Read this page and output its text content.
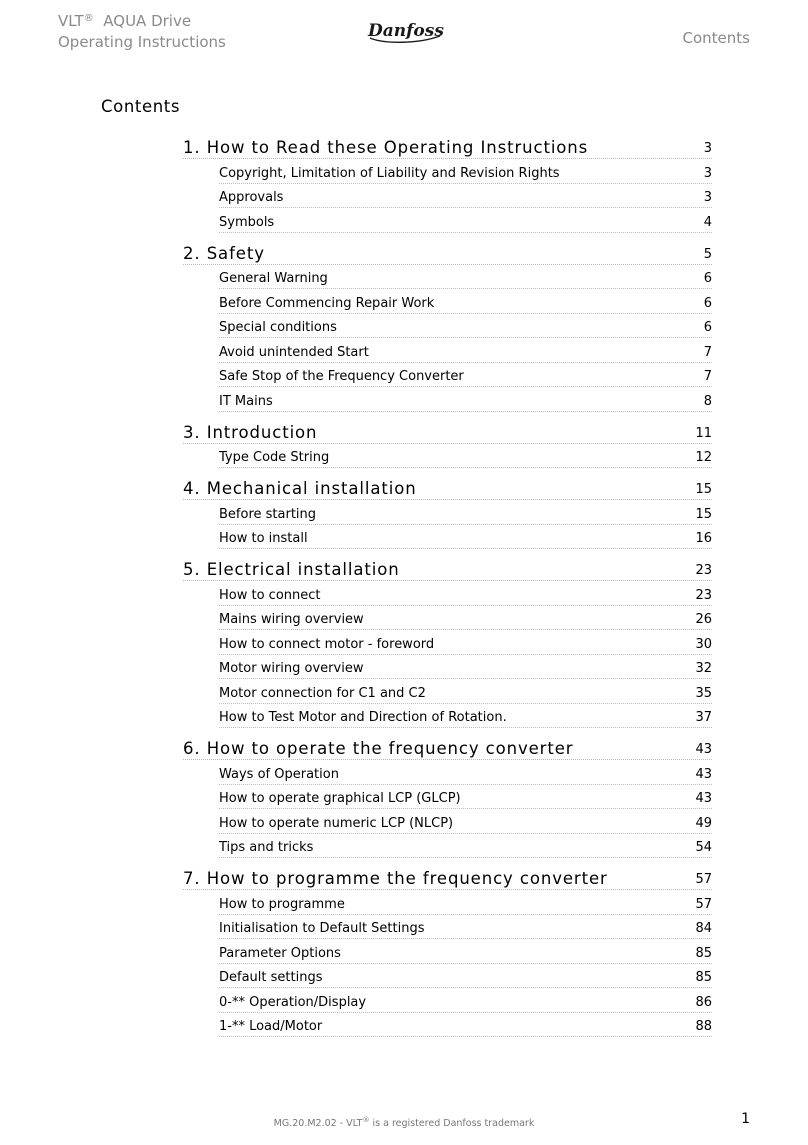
VLT® AQUA Drive
Operating Instructions
Danfoss	Contents
Contents
1. How to Read these Operating Instructions	3
Copyright, Limitation of Liability and Revision Rights	3
Approvals	3
Symbols	4
2. Safety	5
General Warning	6
Before Commencing Repair Work	6
Special conditions	6
Avoid unintended Start	7
Safe Stop of the Frequency Converter	7
IT Mains	8
3. Introduction	11
Type Code String	12
4. Mechanical installation	15
Before starting	15
How to install	16
5. Electrical installation	23
How to connect	23
Mains wiring overview	26
How to connect motor - foreword	30
Motor wiring overview	32
Motor connection for C1 and C2	35
How to Test Motor and Direction of Rotation.	37
6. How to operate the frequency converter	43
Ways of Operation	43
How to operate graphical LCP (GLCP)	43
How to operate numeric LCP (NLCP)	49
Tips and tricks	54
7. How to programme the frequency converter	57
How to programme	57
Initialisation to Default Settings	84
Parameter Options	85
Default settings	85
0-** Operation/Display	86
1-** Load/Motor	88
MG.20.M2.02 - VLT® is a registered Danfoss trademark	1
